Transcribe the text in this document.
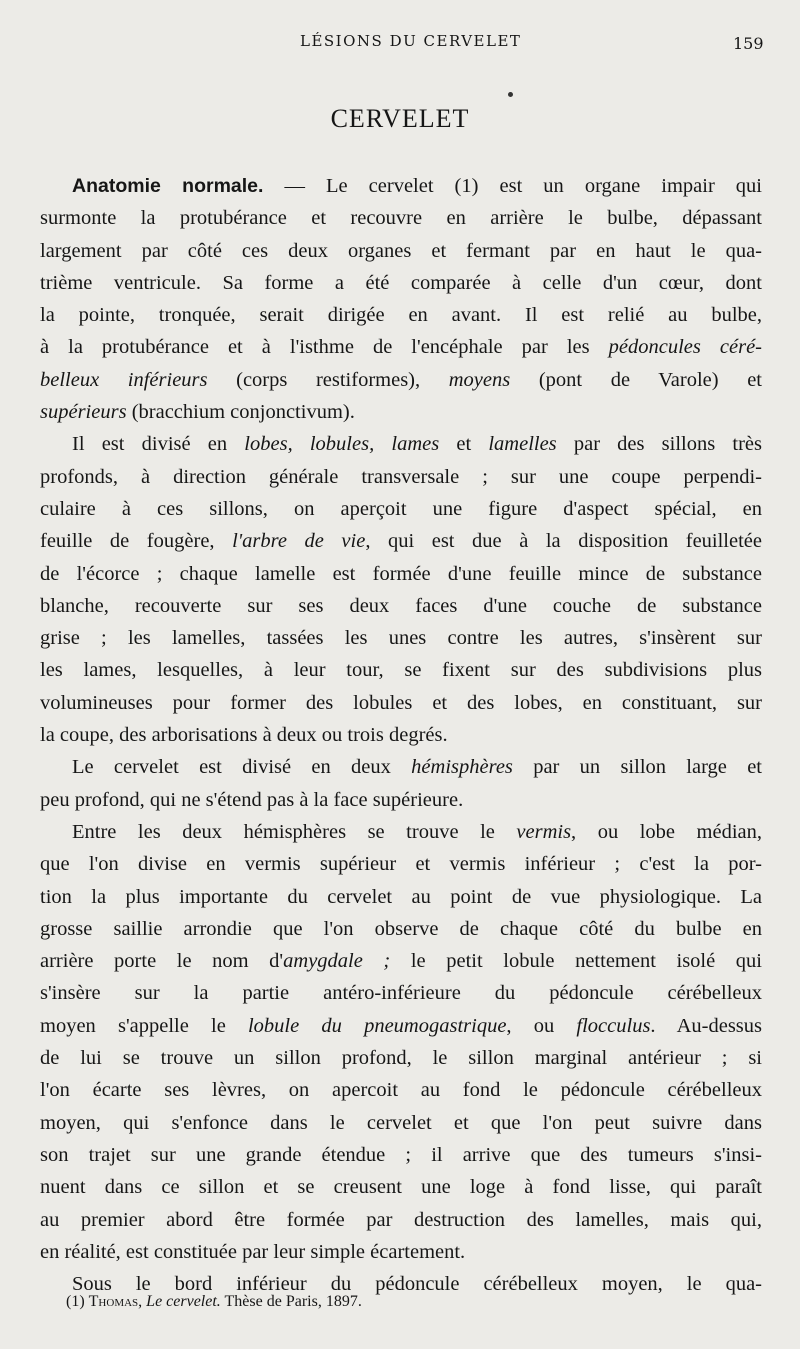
LÉSIONS DU CERVELET	159
CERVELET
Anatomie normale. — Le cervelet (1) est un organe impair qui
surmonte la protubérance et recouvre en arrière le bulbe, dépassant
largement par côté ces deux organes et fermant par en haut le qua-
trième ventricule. Sa forme a été comparée à celle d'un cœur, dont
la pointe, tronquée, serait dirigée en avant. Il est relié au bulbe,
à la protubérance et à l'isthme de l'encéphale par les pédoncules céré-
belleux inférieurs (corps restiformes), moyens (pont de Varole) et
supérieurs (bracchium conjonctivum).
Il est divisé en lobes, lobules, lames et lamelles par des sillons très
profonds, à direction générale transversale ; sur une coupe perpendi-
culaire à ces sillons, on aperçoit une figure d'aspect spécial, en
feuille de fougère, l'arbre de vie, qui est due à la disposition feuilletée
de l'écorce ; chaque lamelle est formée d'une feuille mince de substance
blanche, recouverte sur ses deux faces d'une couche de substance
grise ; les lamelles, tassées les unes contre les autres, s'insèrent sur
les lames, lesquelles, à leur tour, se fixent sur des subdivisions plus
volumineuses pour former des lobules et des lobes, en constituant, sur
la coupe, des arborisations à deux ou trois degrés.
Le cervelet est divisé en deux hémisphères par un sillon large et
peu profond, qui ne s'étend pas à la face supérieure.
Entre les deux hémisphères se trouve le vermis, ou lobe médian,
que l'on divise en vermis supérieur et vermis inférieur ; c'est la por-
tion la plus importante du cervelet au point de vue physiologique. La
grosse saillie arrondie que l'on observe de chaque côté du bulbe en
arrière porte le nom d'amygdale ; le petit lobule nettement isolé qui
s'insère sur la partie antéro-inférieure du pédoncule cérébelleux
moyen s'appelle le lobule du pneumogastrique, ou flocculus. Au-dessus
de lui se trouve un sillon profond, le sillon marginal antérieur ; si
l'on écarte ses lèvres, on apercoit au fond le pédoncule cérébelleux
moyen, qui s'enfonce dans le cervelet et que l'on peut suivre dans
son trajet sur une grande étendue ; il arrive que des tumeurs s'insi-
nuent dans ce sillon et se creusent une loge à fond lisse, qui paraît
au premier abord être formée par destruction des lamelles, mais qui,
en réalité, est constituée par leur simple écartement.
Sous le bord inférieur du pédoncule cérébelleux moyen, le qua-
(1) Thomas, Le cervelet. Thèse de Paris, 1897.
